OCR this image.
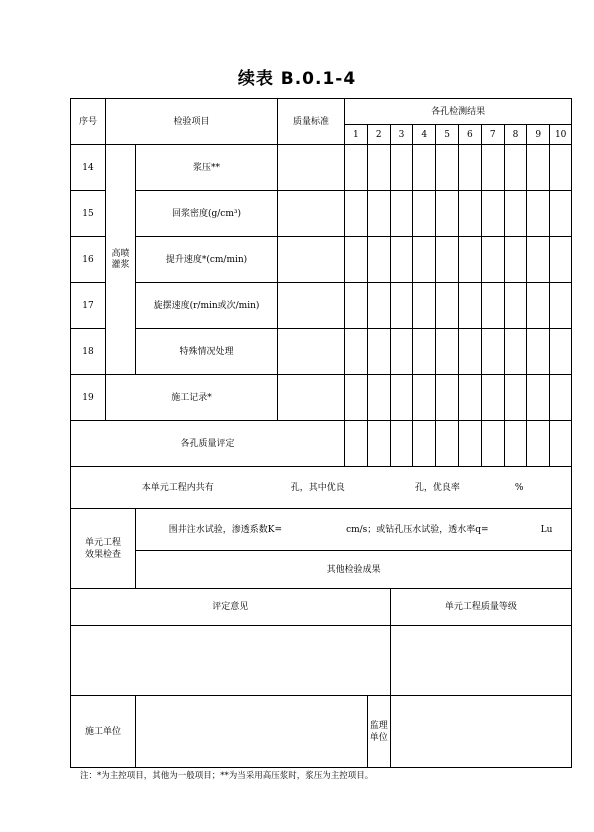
续表 B.0.1-4
序号	检验项目		质量标准	各孔检测结果									
				1	2	3	4	5	6	7	8	9	10
14	高喷灌浆	浆压**											
15		回浆密度(g/cm³)											
16		提升速度*(cm/min)											
17		旋摆速度(r/min或次/min)											
18		特殊情况处理											
19	施工记录*												
各孔质量评定													
本单元工程内共有 孔，其中优良 孔，优良率 %													
单元工程效果检查		围井注水试验，渗透系数K= cm/s；或钻孔压水试验，透水率q= Lu											
		其他检验成果											
评定意见						单元工程质量等级							

施工单位					监理单位								
注：*为主控项目，其他为一般项目；**为当采用高压浆时，浆压为主控项目。
